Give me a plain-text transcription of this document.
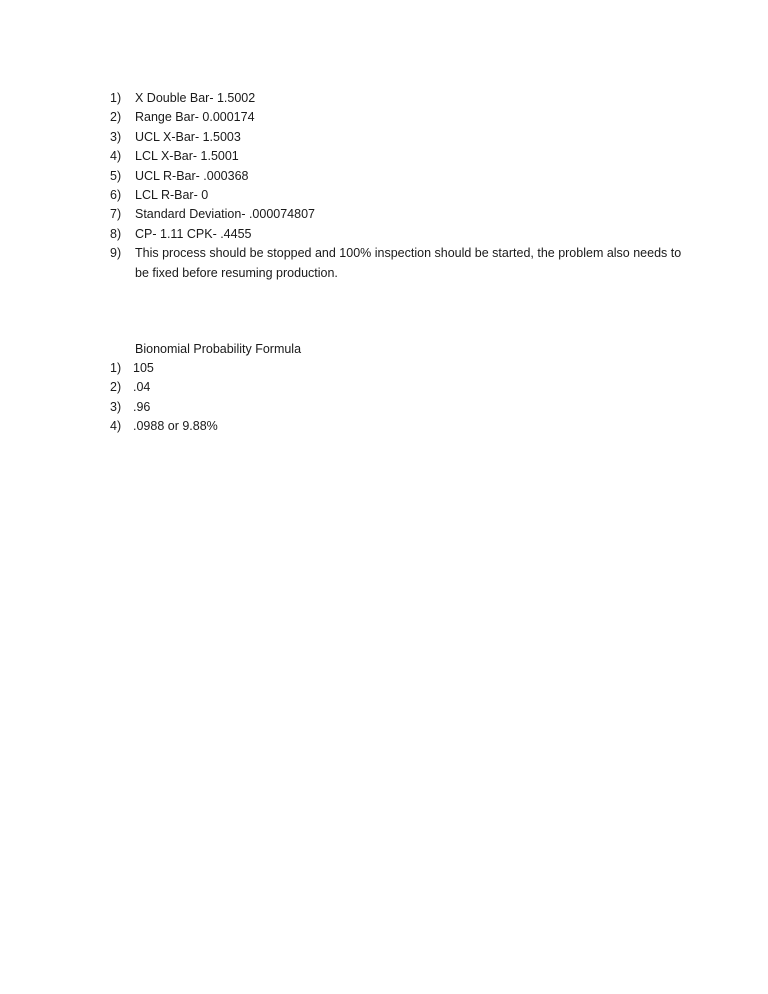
1) X Double Bar- 1.5002
2) Range Bar- 0.000174
3) UCL X-Bar- 1.5003
4) LCL X-Bar- 1.5001
5) UCL R-Bar- .000368
6) LCL R-Bar- 0
7) Standard Deviation- .000074807
8) CP- 1.11 CPK- .4455
9) This process should be stopped and 100% inspection should be started, the problem also needs to be fixed before resuming production.
Bionomial Probability Formula
1) 105
2) .04
3) .96
4) .0988 or 9.88%
